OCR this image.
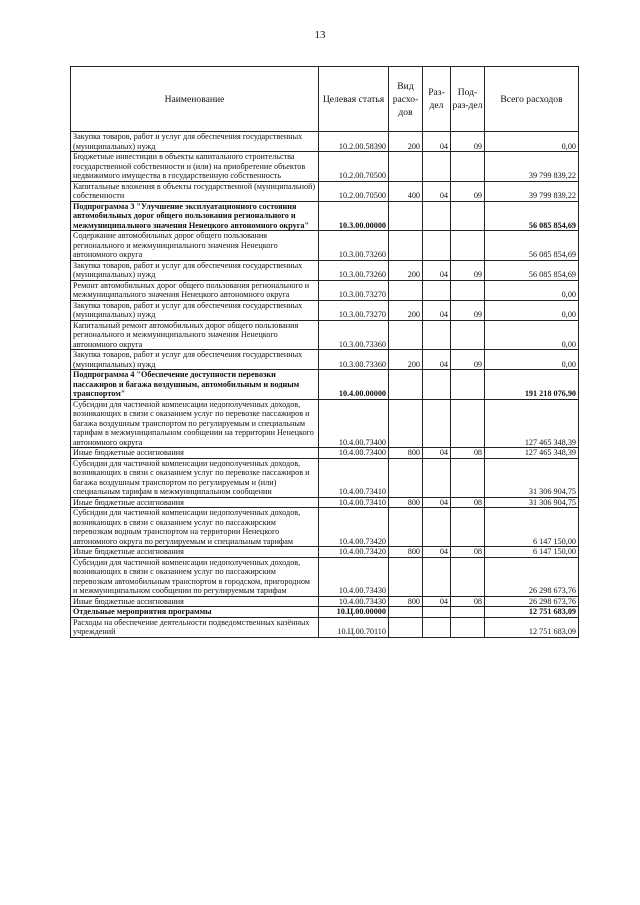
13
Наименование	Целевая статья	Вид расхо-дов	Раз-дел	Под-раз-дел	Всего расходов
Закупка товаров, работ и услуг для обеспечения государственных (муниципальных) нужд	10.2.00.58390	200	04	09	0,00
Бюджетные инвестиции в объекты капитального строительства государственной собственности и (или) на приобретение объектов недвижимого имущества в государственную собственность	10.2.00.70500				39 799 839,22
Капитальные вложения в объекты государственной (муниципальной) собственности	10.2.00.70500	400	04	09	39 799 839,22
Подпрограмма 3 "Улучшение эксплуатационного состояния автомобильных дорог общего пользования регионального и межмуниципального значения Ненецкого автономного округа"	10.3.00.00000				56 085 854,69
Содержание автомобильных дорог общего пользования регионального и межмуниципального значения Ненецкого автономного округа	10.3.00.73260				56 085 854,69
Закупка товаров, работ и услуг для обеспечения государственных (муниципальных) нужд	10.3.00.73260	200	04	09	56 085 854,69
Ремонт автомобильных дорог общего пользования регионального и межмуниципального значения Ненецкого автономного округа	10.3.00.73270				0,00
Закупка товаров, работ и услуг для обеспечения государственных (муниципальных) нужд	10.3.00.73270	200	04	09	0,00
Капитальный ремонт автомобильных дорог общего пользования регионального и межмуниципального значения Ненецкого автономного округа	10.3.00.73360				0,00
Закупка товаров, работ и услуг для обеспечения государственных (муниципальных) нужд	10.3.00.73360	200	04	09	0,00
Подпрограмма 4 "Обеспечение доступности перевозки пассажиров и багажа воздушным, автомобильным и водным транспортом"	10.4.00.00000				191 218 076,90
Субсидии для частичной компенсации недополученных доходов, возникающих в связи с оказанием услуг по перевозке пассажиров и багажа воздушным транспортом по регулируемым и специальным тарифам в межмуниципальном сообщении на территории Ненецкого автономного округа	10.4.00.73400				127 465 348,39
Иные бюджетные ассигнования	10.4.00.73400	800	04	08	127 465 348,39
Субсидии для частичной компенсации недополученных доходов, возникающих в связи с оказанием услуг по перевозке пассажиров и багажа воздушным транспортом по регулируемым и (или) специальным тарифам в межмуниципальном сообщении	10.4.00.73410				31 306 904,75
Иные бюджетные ассигнования	10.4.00.73410	800	04	08	31 306 904,75
Субсидии для частичной компенсации недополученных доходов, возникающих в связи с оказанием услуг по пассажирским перевозкам водным транспортом на территории Ненецкого автономного округа по регулируемым и специальным тарифам	10.4.00.73420				6 147 150,00
Иные бюджетные ассигнования	10.4.00.73420	800	04	08	6 147 150,00
Субсидии для частичной компенсации недополученных доходов, возникающих в связи с оказанием услуг по пассажирским перевозкам автомобильным транспортом в городском, пригородном и межмуниципальном сообщении по регулируемым тарифам	10.4.00.73430				26 298 673,76
Иные бюджетные ассигнования	10.4.00.73430	800	04	08	26 298 673,76
Отдельные мероприятия программы	10.Ц.00.00000				12 751 683,09
Расходы на обеспечение деятельности подведомственных казённых учреждений	10.Ц.00.70110				12 751 683,09
